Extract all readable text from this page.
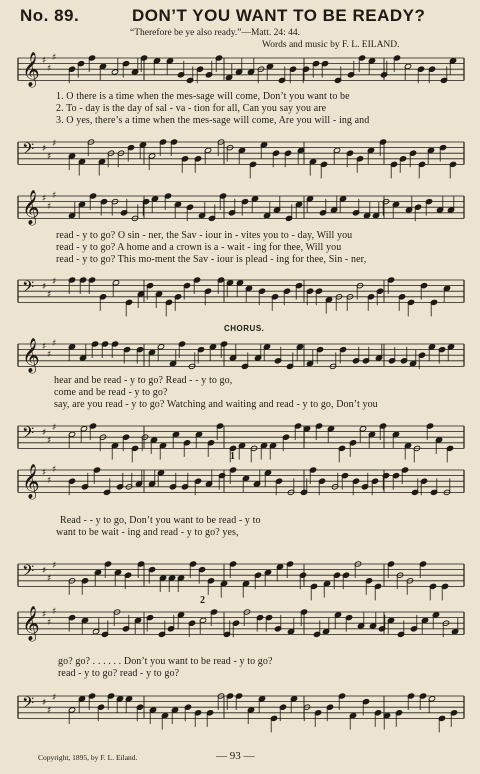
No. 89.	DON’T YOU WANT TO BE READY?
“Therefore be ye also ready.”—Matt. 24: 44.
Words and music by F. L. EILAND.
𝄞 ♯
♯
♯
𝄢 ♯
♯
♯
1. O there is a time when the mes-sage will come, Don’t you want to be
2. To - day is the day of sal - va - tion for all, Can you say you are
3. O yes, there’s a time when the mes-sage will come, Are you will - ing and
𝄞 ♯
♯
♯
𝄢 ♯
♯
♯
read - y to go? O sin - ner, the Sav - iour in - vites you to - day, Will you
read - y to go? A home and a crown is a - wait - ing for thee, Will you
read - y to go? This mo-ment the Sav - iour is plead - ing for thee, Sin - ner,
CHORUS.
𝄞 ♯
♯
♯
𝄢 ♯
♯
♯
hear and be read - y to go? Read - - y to go,
come and be read - y to go?
say, are you read - y to go? Watching and waiting and read - y to go, Don’t you
1
𝄞 ♯
♯
♯
𝄢 ♯
♯
♯
Read - - y to go, Don’t you want to be read - y to
want to be wait - ing and read - y to go? yes,
2
𝄞 ♯
♯
♯
𝄢 ♯
♯
♯
go? go? . . . . . . Don’t you want to be read - y to go?
read - y to go? read - y to go?
Copyright, 1895, by F. L. Eiland.	— 93 —
